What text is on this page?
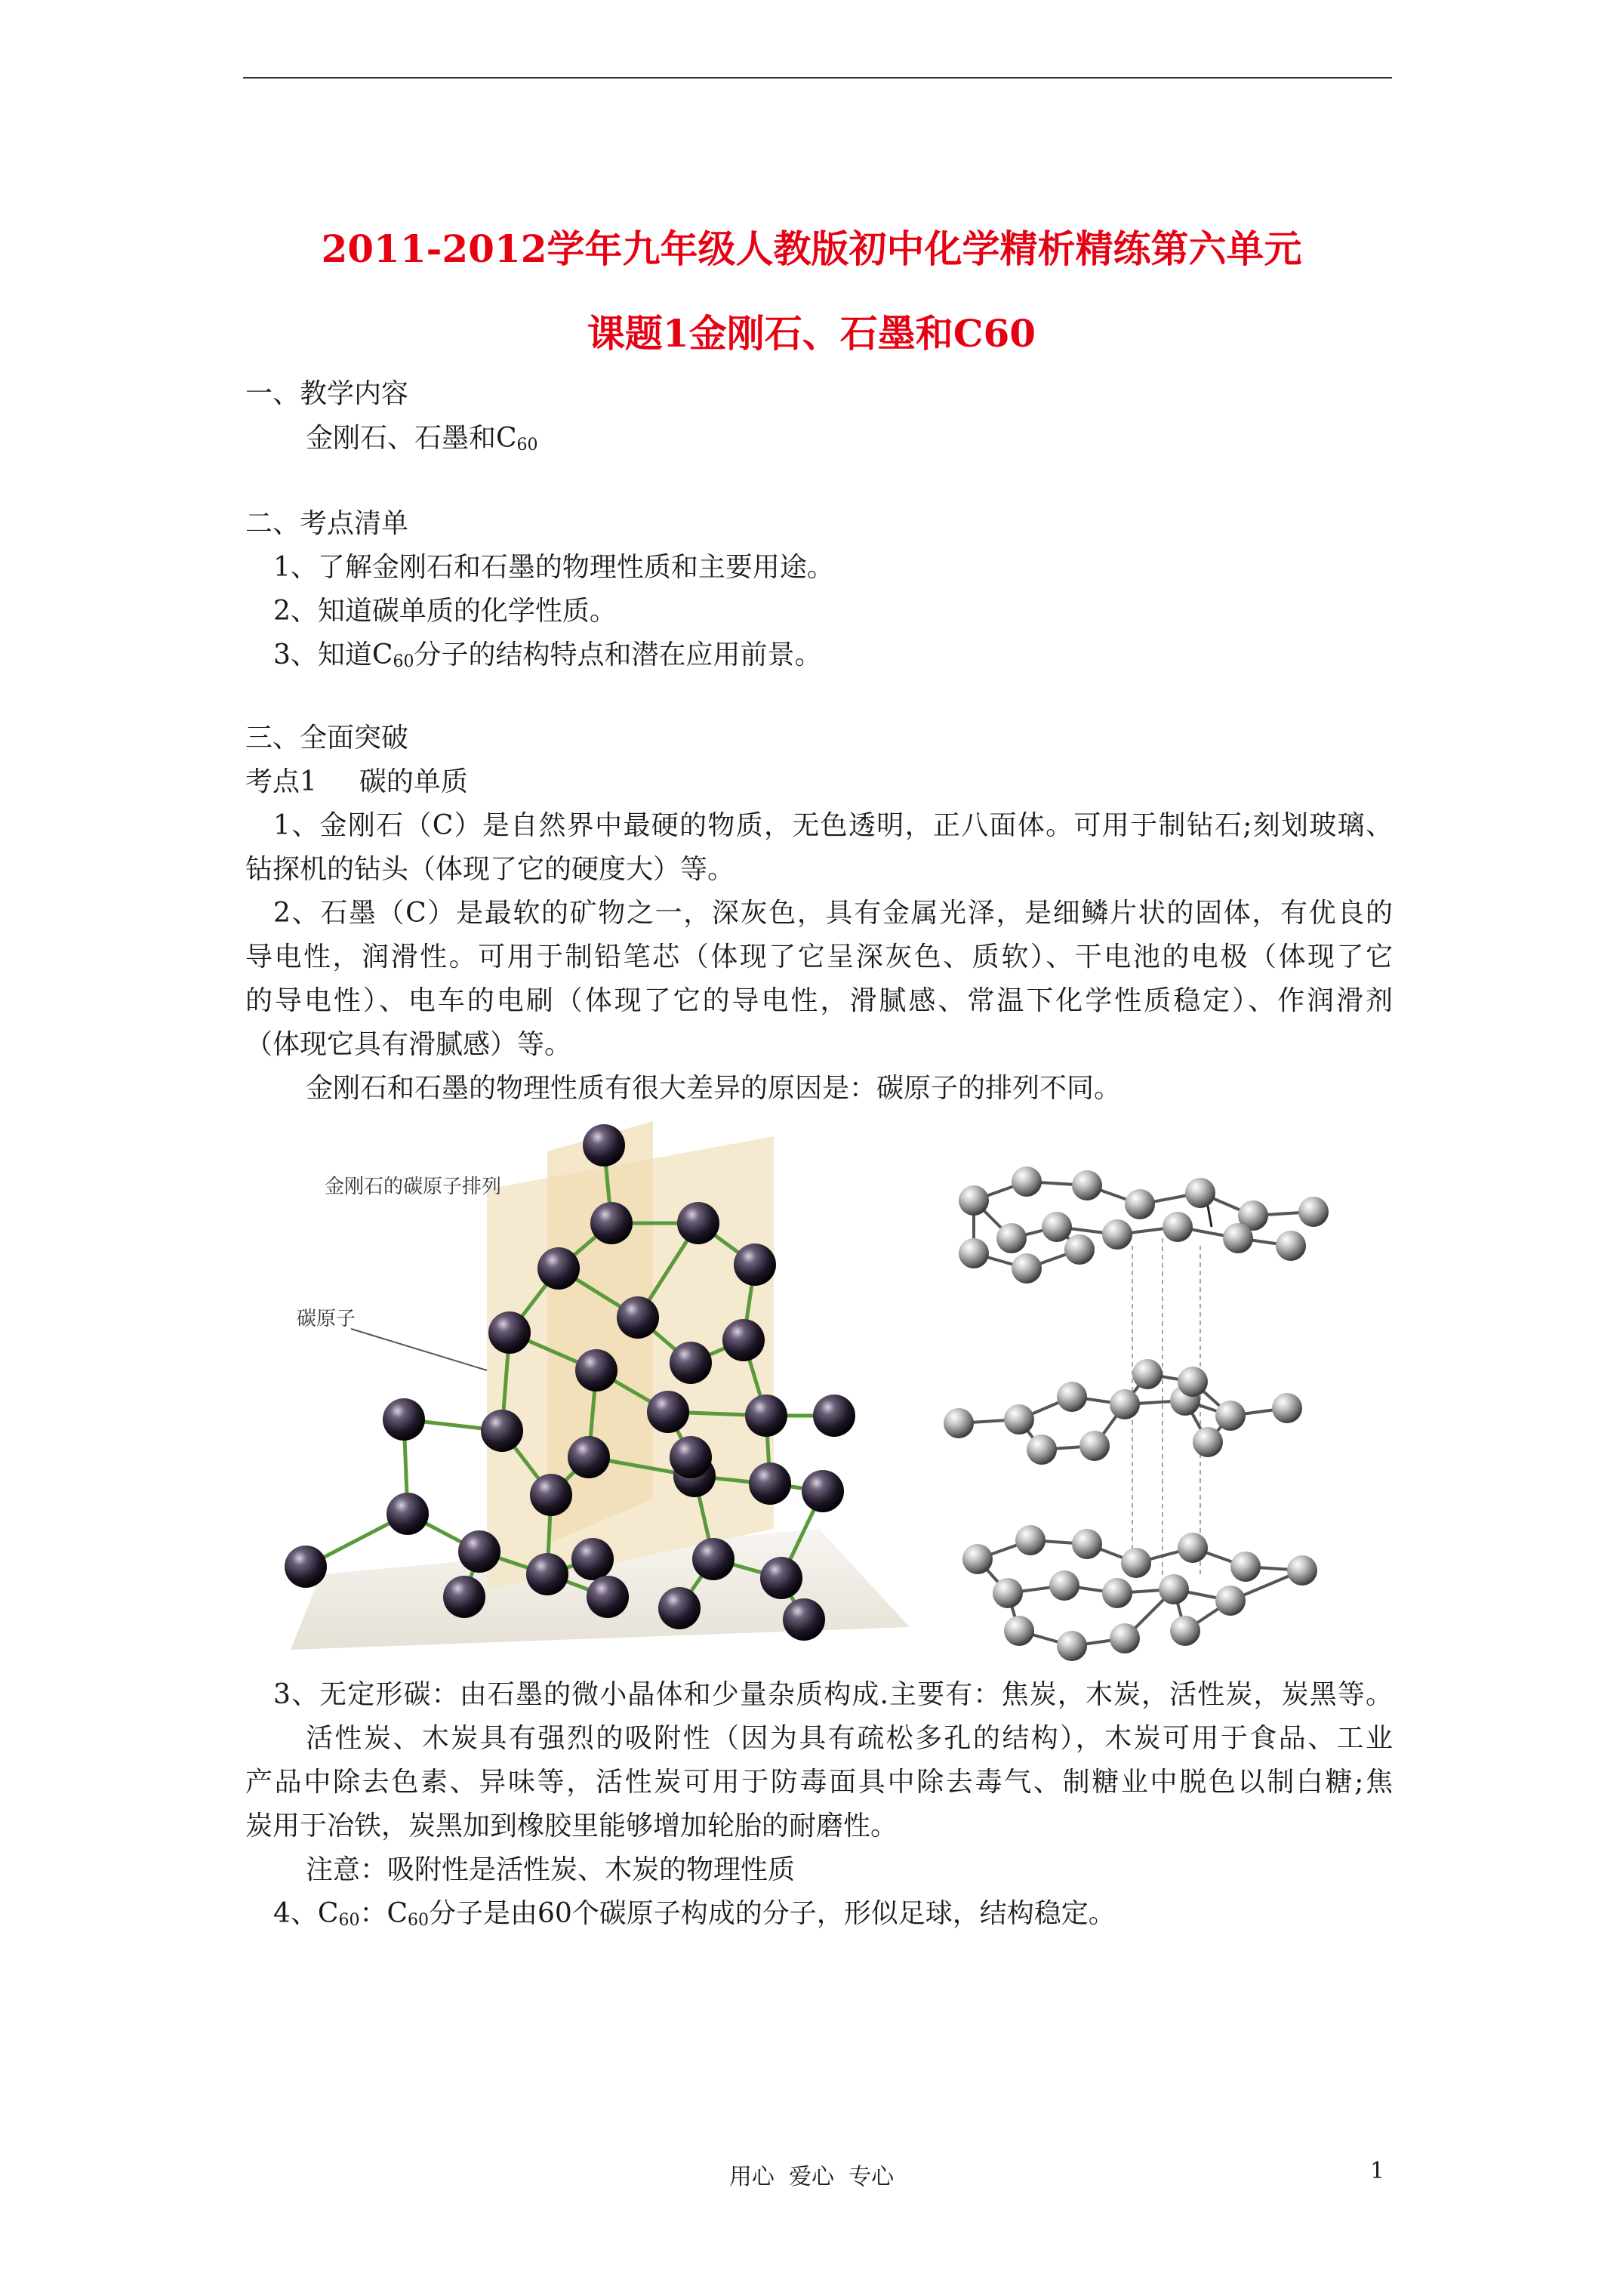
2011-2012学年九年级人教版初中化学精析精练第六单元
课题1金刚石、石墨和C60
一、教学内容
金刚石、石墨和$C_{60}$
二、考点清单
1、了解金刚石和石墨的物理性质和主要用途。
2、知道碳单质的化学性质。
3、知道$C_{60}$分子的结构特点和潜在应用前景。
三、全面突破
考点1 碳的单质
1、金刚石（C）是自然界中最硬的物质，无色透明，正八面体。可用于制钻石;刻划玻璃、
钻探机的钻头（体现了它的硬度大）等。
2、石墨（C）是最软的矿物之一，深灰色，具有金属光泽，是细鳞片状的固体，有优良的
导电性，润滑性。可用于制铅笔芯（体现了它呈深灰色、质软）、干电池的电极（体现了它
的导电性）、电车的电刷（体现了它的导电性，滑腻感、常温下化学性质稳定）、作润滑剂
（体现它具有滑腻感）等。
金刚石和石墨的物理性质有很大差异的原因是：碳原子的排列不同。
金刚石的碳原子排列
碳原子
3、无定形碳：由石墨的微小晶体和少量杂质构成.主要有：焦炭，木炭，活性炭，炭黑等。
活性炭、木炭具有强烈的吸附性（因为具有疏松多孔的结构），木炭可用于食品、工业
产品中除去色素、异味等，活性炭可用于防毒面具中除去毒气、制糖业中脱色以制白糖;焦
炭用于冶铁，炭黑加到橡胶里能够增加轮胎的耐磨性。
注意：吸附性是活性炭、木炭的物理性质
4、$C_{60}$：$C_{60}$分子是由60个碳原子构成的分子，形似足球，结构稳定。
用心  爱心  专心	1
